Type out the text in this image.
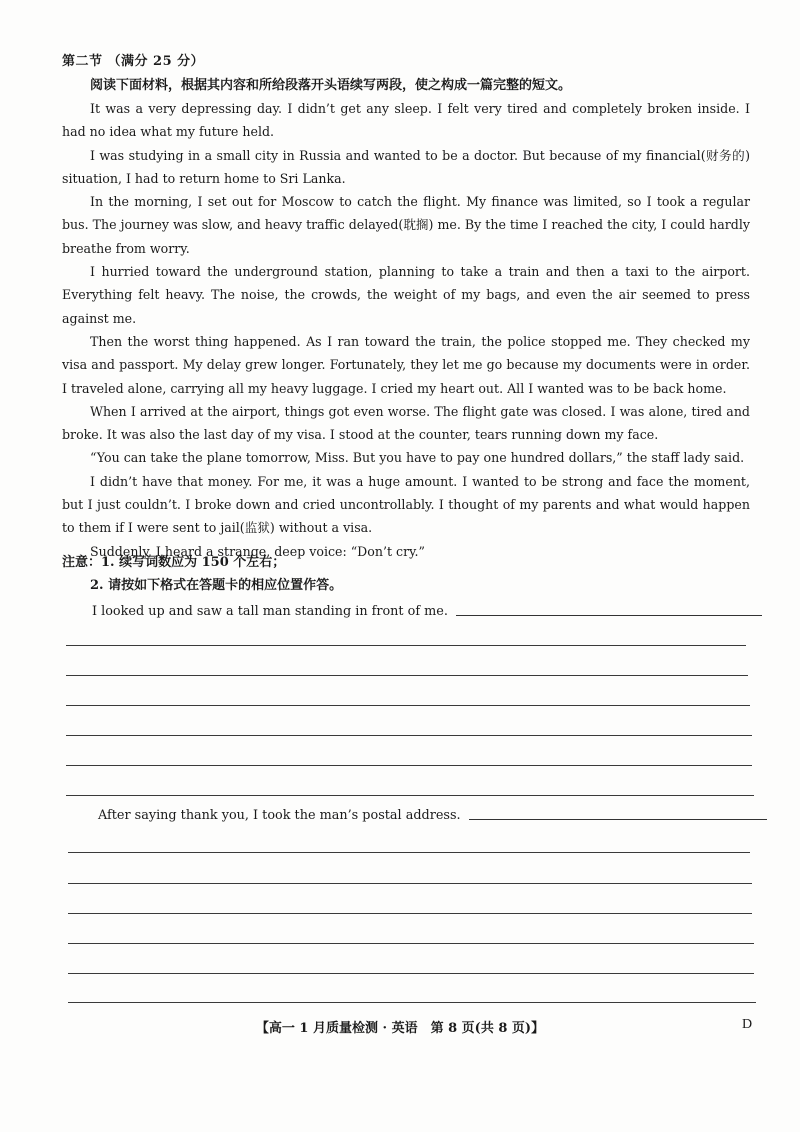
第二节 （满分 25 分）
阅读下面材料，根据其内容和所给段落开头语续写两段，使之构成一篇完整的短文。

It was a very depressing day. I didn’t get any sleep. I felt very tired and completely broken inside. I had no idea what my future held.

I was studying in a small city in Russia and wanted to be a doctor. But because of my financial(财务的) situation, I had to return home to Sri Lanka.

In the morning, I set out for Moscow to catch the flight. My finance was limited, so I took a regular bus. The journey was slow, and heavy traffic delayed(耽搁) me. By the time I reached the city, I could hardly breathe from worry.

I hurried toward the underground station, planning to take a train and then a taxi to the airport. Everything felt heavy. The noise, the crowds, the weight of my bags, and even the air seemed to press against me.

Then the worst thing happened. As I ran toward the train, the police stopped me. They checked my visa and passport. My delay grew longer. Fortunately, they let me go because my documents were in order. I traveled alone, carrying all my heavy luggage. I cried my heart out. All I wanted was to be back home.

When I arrived at the airport, things got even worse. The flight gate was closed. I was alone, tired and broke. It was also the last day of my visa. I stood at the counter, tears running down my face.

“You can take the plane tomorrow, Miss. But you have to pay one hundred dollars,” the staff lady said.

I didn’t have that money. For me, it was a huge amount. I wanted to be strong and face the moment, but I just couldn’t. I broke down and cried uncontrollably. I thought of my parents and what would happen to them if I were sent to jail(监狱) without a visa.

Suddenly, I heard a strange, deep voice: “Don’t cry.”

注意：1. 续写词数应为 150 个左右；
2. 请按如下格式在答题卡的相应位置作答。
I looked up and saw a tall man standing in front of me.
After saying thank you, I took the man’s postal address.
【高一 1 月质量检测 · 英语　第 8 页(共 8 页)】	D
